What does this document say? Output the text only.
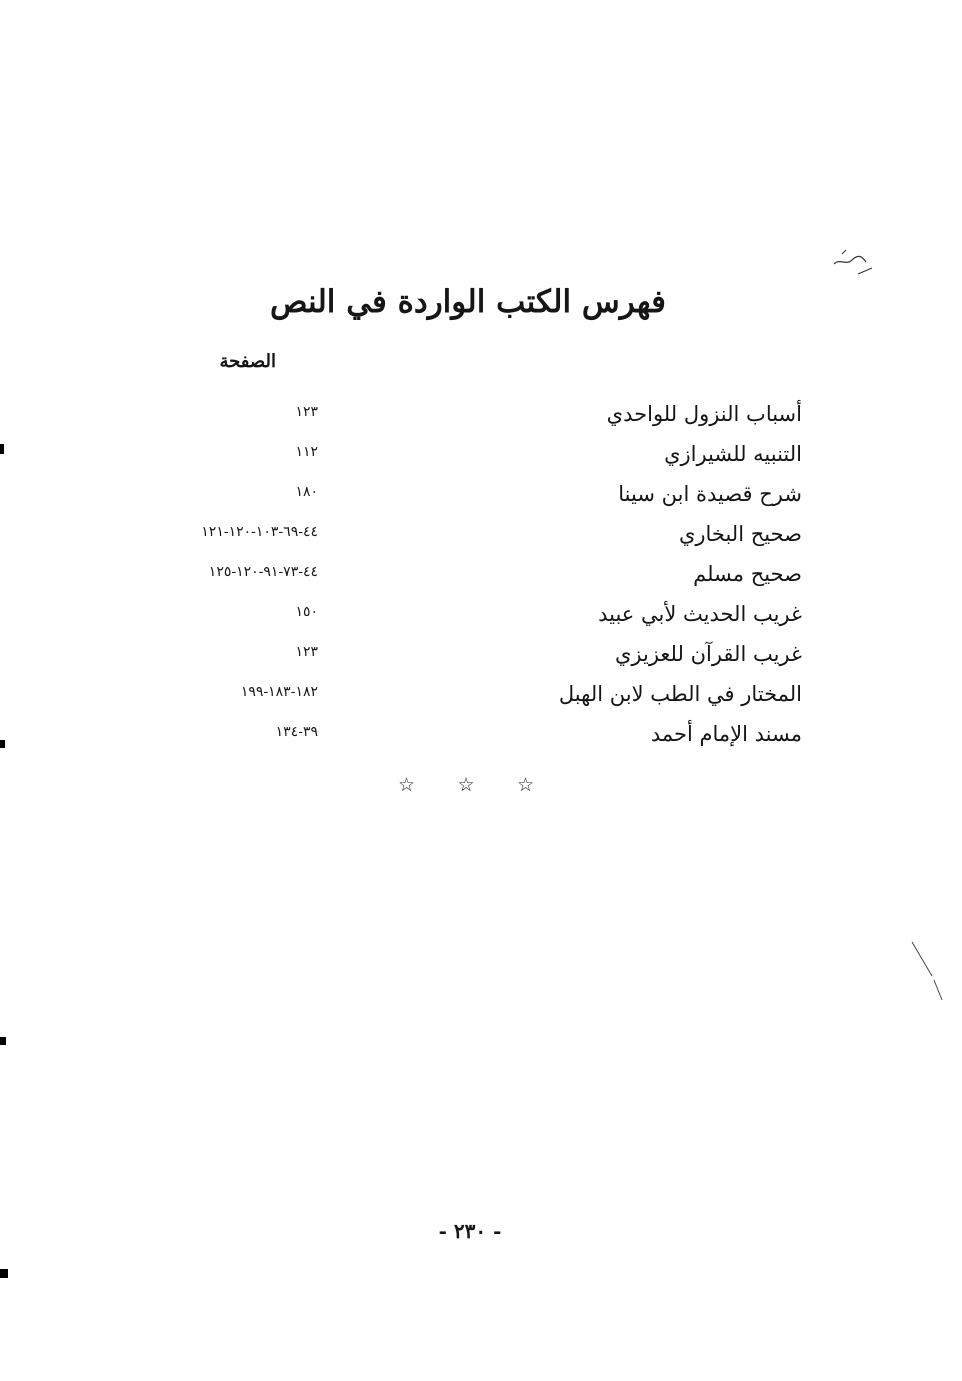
فهرس الكتب الواردة في النص
الصفحة
أسباب النزول للواحدي
١٢٣
التنبيه للشيرازي
١١٢
شرح قصيدة ابن سينا
١٨٠
صحيح البخاري
٤٤-٦٩-١٠٣-١٢٠-١٢١
صحيح مسلم
٤٤-٧٣-٩١-١٢٠-١٢٥
غريب الحديث لأبي عبيد
١٥٠
غريب القرآن للعزيزي
١٢٣
المختار في الطب لابن الهبل
١٨٢-١٨٣-١٩٩
مسند الإمام أحمد
٣٩-١٣٤
☆ ☆ ☆
- ٢٣٠ -
